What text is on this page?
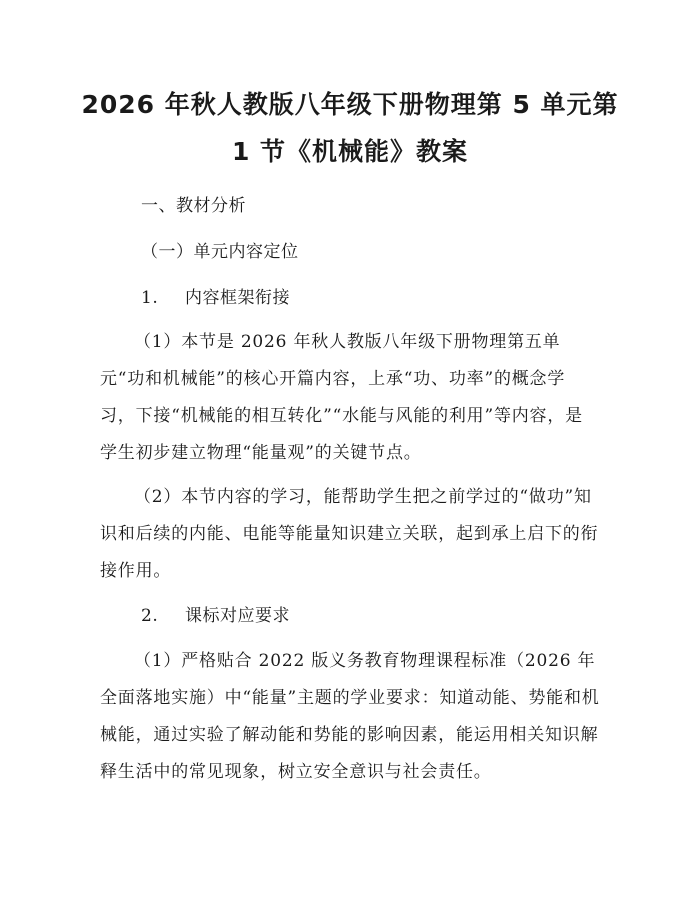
2026 年秋人教版八年级下册物理第 5 单元第
1 节《机械能》教案
一、教材分析
（一）单元内容定位
1. 内容框架衔接
（1）本节是 2026 年秋人教版八年级下册物理第五单元“功和机械能”的核心开篇内容，上承“功、功率”的概念学习，下接“机械能的相互转化”“水能与风能的利用”等内容，是学生初步建立物理“能量观”的关键节点。
（2）本节内容的学习，能帮助学生把之前学过的“做功”知识和后续的内能、电能等能量知识建立关联，起到承上启下的衔接作用。
2. 课标对应要求
（1）严格贴合 2022 版义务教育物理课程标准（2026 年全面落地实施）中“能量”主题的学业要求：知道动能、势能和机械能，通过实验了解动能和势能的影响因素，能运用相关知识解释生活中的常见现象，树立安全意识与社会责任。
